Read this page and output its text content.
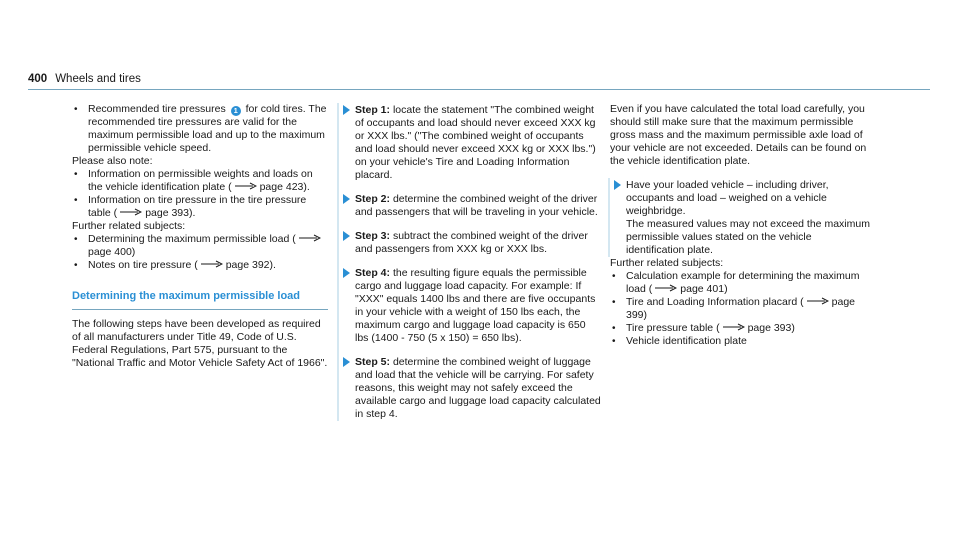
400 Wheels and tires
• Recommended tire pressures 1 for cold tires. The recommended tire pressures are valid for the maximum permissible load and up to the maximum permissible vehicle speed.

Please also note:

• Information on permissible weights and loads on the vehicle identification plate (	page 423).
• Information on tire pressure in the tire pressure table (	page 393).

Further related subjects:

• Determining the maximum permissible load (
page 400)
• Notes on tire pressure (	page 392).
Determining the maximum permissible load

The following steps have been developed as required of all manufacturers under Title 49, Code of U.S. Federal Regulations, Part 575, pursuant to the "National Traffic and Motor Vehicle Safety Act of 1966".

Step 1: locate the statement "The combined weight of occupants and load should never exceed XXX kg or XXX lbs." ("The combined weight of occupants and load should never exceed XXX kg or XXX lbs.") on your vehicle's Tire and Loading Information placard.
Step 2: determine the combined weight of the driver and passengers that will be traveling in your vehicle.
Step 3: subtract the combined weight of the driver and passengers from XXX kg or XXX lbs.
Step 4: the resulting figure equals the permissible cargo and luggage load capacity. For example: If "XXX" equals 1400 lbs and there are five occupants in your vehicle with a weight of 150 lbs each, the maximum cargo and luggage load capacity is 650 lbs (1400 - 750 (5 x 150) = 650 lbs).
Step 5: determine the combined weight of luggage and load that the vehicle will be carrying. For safety reasons, this weight may not safely exceed the available cargo and luggage load capacity calculated in step 4.

Even if you have calculated the total load carefully, you should still make sure that the maximum permissible gross mass and the maximum permissible axle load of your vehicle are not exceeded. Details can be found on the vehicle identification plate.

Have your loaded vehicle – including driver, occupants and load – weighed on a vehicle weighbridge.
The measured values may not exceed the maximum permissible values stated on the vehicle identification plate.

Further related subjects:

• Calculation example for determining the maximum load (	page 401)
• Tire and Loading Information placard (	page 399)
• Tire pressure table (	page 393)
• Vehicle identification plate
